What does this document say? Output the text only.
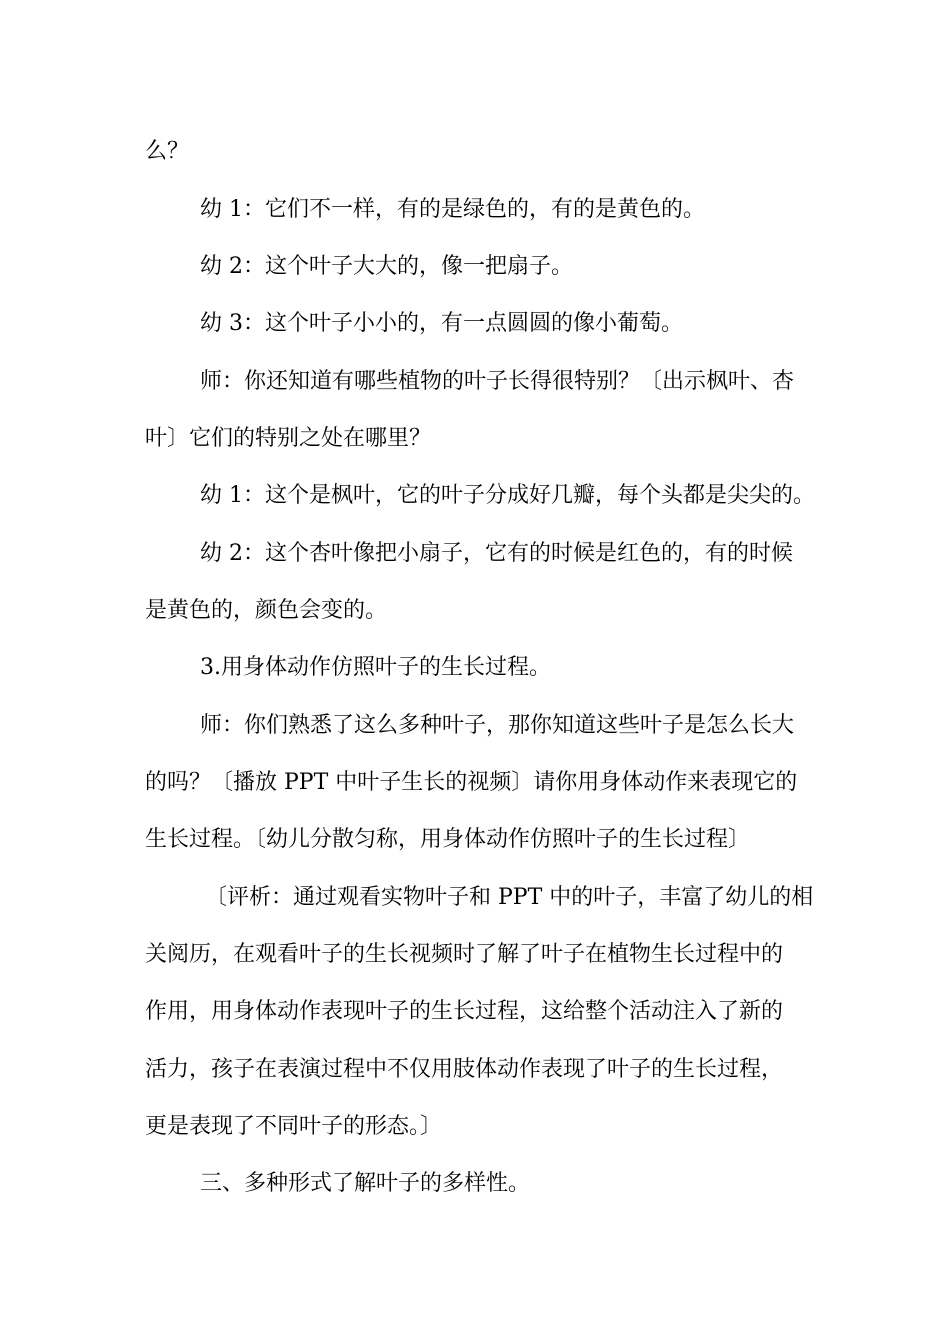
么？
幼 1：它们不一样，有的是绿色的，有的是黄色的。
幼 2：这个叶子大大的，像一把扇子。
幼 3：这个叶子小小的，有一点圆圆的像小葡萄。
师：你还知道有哪些植物的叶子长得很特别？〔出示枫叶、杏
叶〕它们的特别之处在哪里？
幼 1：这个是枫叶，它的叶子分成好几瓣，每个头都是尖尖的。
幼 2：这个杏叶像把小扇子，它有的时候是红色的，有的时候
是黄色的，颜色会变的。
3.用身体动作仿照叶子的生长过程。
师：你们熟悉了这么多种叶子，那你知道这些叶子是怎么长大
的吗？〔播放 PPT 中叶子生长的视频〕请你用身体动作来表现它的
生长过程。〔幼儿分散匀称，用身体动作仿照叶子的生长过程〕
〔评析：通过观看实物叶子和 PPT 中的叶子，丰富了幼儿的相
关阅历，在观看叶子的生长视频时了解了叶子在植物生长过程中的
作用，用身体动作表现叶子的生长过程，这给整个活动注入了新的
活力，孩子在表演过程中不仅用肢体动作表现了叶子的生长过程，
更是表现了不同叶子的形态。〕
三、多种形式了解叶子的多样性。
